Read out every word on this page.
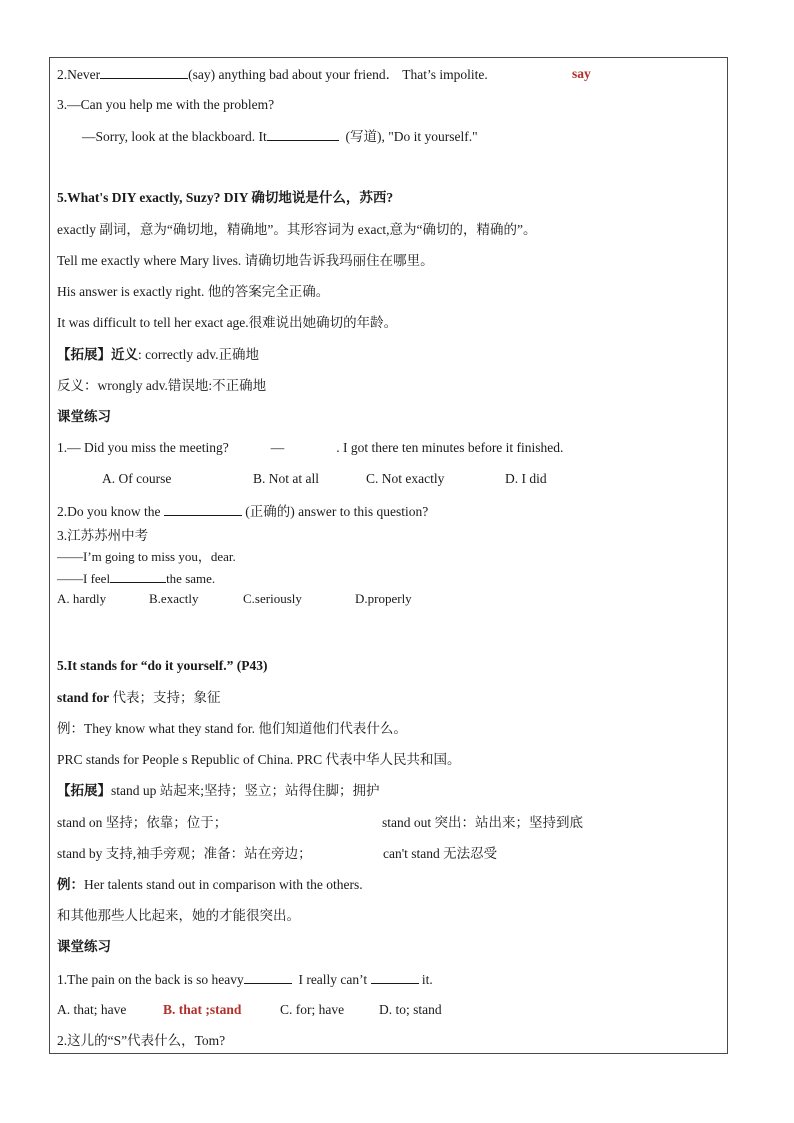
2.Never	(say) anything bad about your friend． That’s impolite.	say
3.—Can you help me with the problem?
—Sorry, look at the blackboard. It	(写道), "Do it yourself."
5.What's DIY exactly, Suzy? DIY 确切地说是什么，苏西?
exactly 副词，意为“确切地，精确地”。其形容词为 exact,意为“确切的，精确的”。
Tell me exactly where Mary lives. 请确切地告诉我玛丽住在哪里。
His answer is exactly right. 他的答案完全正确。
It was difficult to tell her exact age.很难说出她确切的年龄。
【拓展】近义: correctly adv.正确地
反义：wrongly adv.错误地:不正确地
课堂练习
1.— Did you miss the meeting?	—	. I got there ten minutes before it finished.
A. Of course	B. Not at all	C. Not exactly	D. I did
2.Do you know the	(正确的) answer to this question?
3.江苏苏州中考
——I’m going to miss you，dear.
——I feel	the same.
A. hardly	B.exactly	C.seriously	D.properly
5.It stands for “do it yourself.” (P43)
stand for 代表；支持；象征
例：They know what they stand for. 他们知道他们代表什么。
PRC stands for People s Republic of China. PRC 代表中华人民共和国。
【拓展】stand up 站起来;坚持；竖立；站得住脚；拥护
stand on 坚持；依靠；位于；	stand out 突出：站出来；坚持到底
stand by 支持,袖手旁观；准备：站在旁边；	can't stand 无法忍受
例：Her talents stand out in comparison with the others.
和其他那些人比起来，她的才能很突出。
课堂练习
1.The pain on the back is so heavy	I really can’t	it.
A. that; have	B. that ;stand	C. for; have	D. to; stand
2.这儿的“S”代表什么，Tom?
